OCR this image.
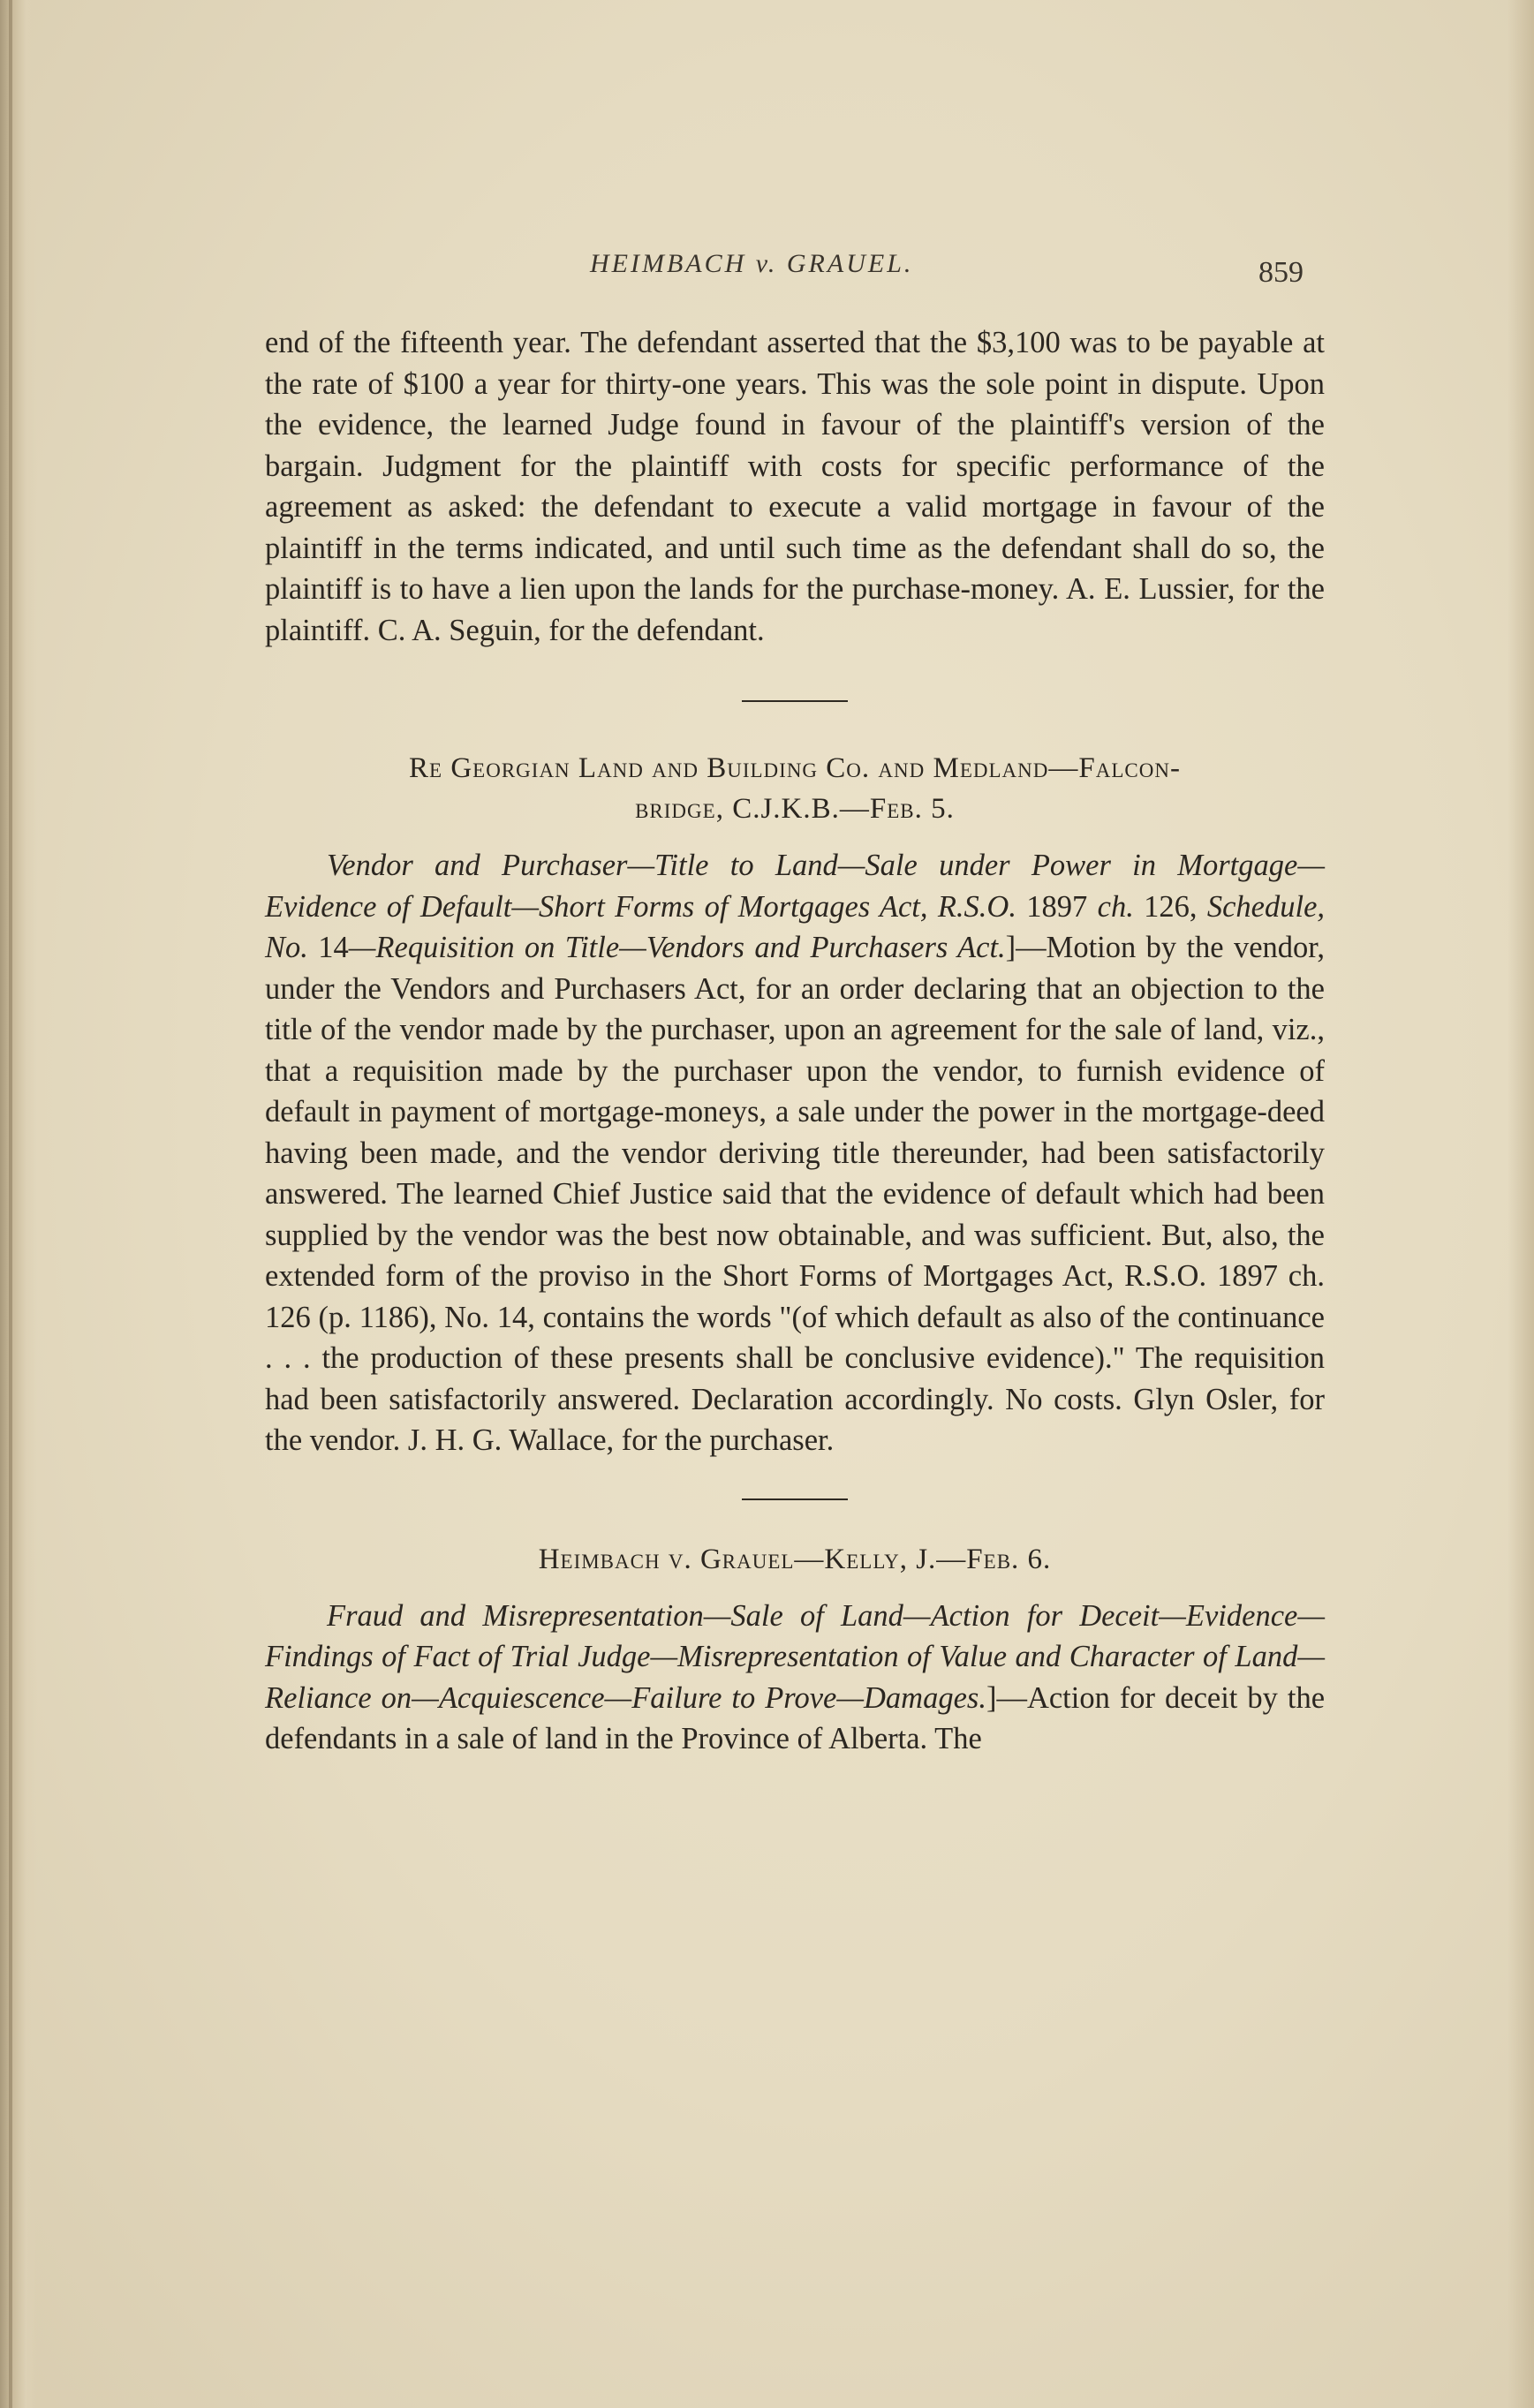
HEIMBACH v. GRAUEL.	859

end of the fifteenth year. The defendant asserted that the $3,100 was to be payable at the rate of $100 a year for thirty-one years. This was the sole point in dispute. Upon the evidence, the learned Judge found in favour of the plaintiff's version of the bargain. Judgment for the plaintiff with costs for specific performance of the agreement as asked: the defendant to execute a valid mortgage in favour of the plaintiff in the terms indicated, and until such time as the defendant shall do so, the plaintiff is to have a lien upon the lands for the purchase-money. A. E. Lussier, for the plaintiff. C. A. Seguin, for the defendant.

Re Georgian Land and Building Co. and Medland—Falcon-
bridge, C.J.K.B.—Feb. 5.

Vendor and Purchaser—Title to Land—Sale under Power in Mortgage—Evidence of Default—Short Forms of Mortgages Act, R.S.O. 1897 ch. 126, Schedule, No. 14—Requisition on Title—Vendors and Purchasers Act.]—Motion by the vendor, under the Vendors and Purchasers Act, for an order declaring that an objection to the title of the vendor made by the purchaser, upon an agreement for the sale of land, viz., that a requisition made by the purchaser upon the vendor, to furnish evidence of default in payment of mortgage-moneys, a sale under the power in the mortgage-deed having been made, and the vendor deriving title thereunder, had been satisfactorily answered. The learned Chief Justice said that the evidence of default which had been supplied by the vendor was the best now obtainable, and was sufficient. But, also, the extended form of the proviso in the Short Forms of Mortgages Act, R.S.O. 1897 ch. 126 (p. 1186), No. 14, contains the words "(of which default as also of the continuance . . . the production of these presents shall be conclusive evidence)." The requisition had been satisfactorily answered. Declaration accordingly. No costs. Glyn Osler, for the vendor. J. H. G. Wallace, for the purchaser.

Heimbach v. Grauel—Kelly, J.—Feb. 6.

Fraud and Misrepresentation—Sale of Land—Action for Deceit—Evidence—Findings of Fact of Trial Judge—Misrepresentation of Value and Character of Land—Reliance on—Acquiescence—Failure to Prove—Damages.]—Action for deceit by the defendants in a sale of land in the Province of Alberta. The
